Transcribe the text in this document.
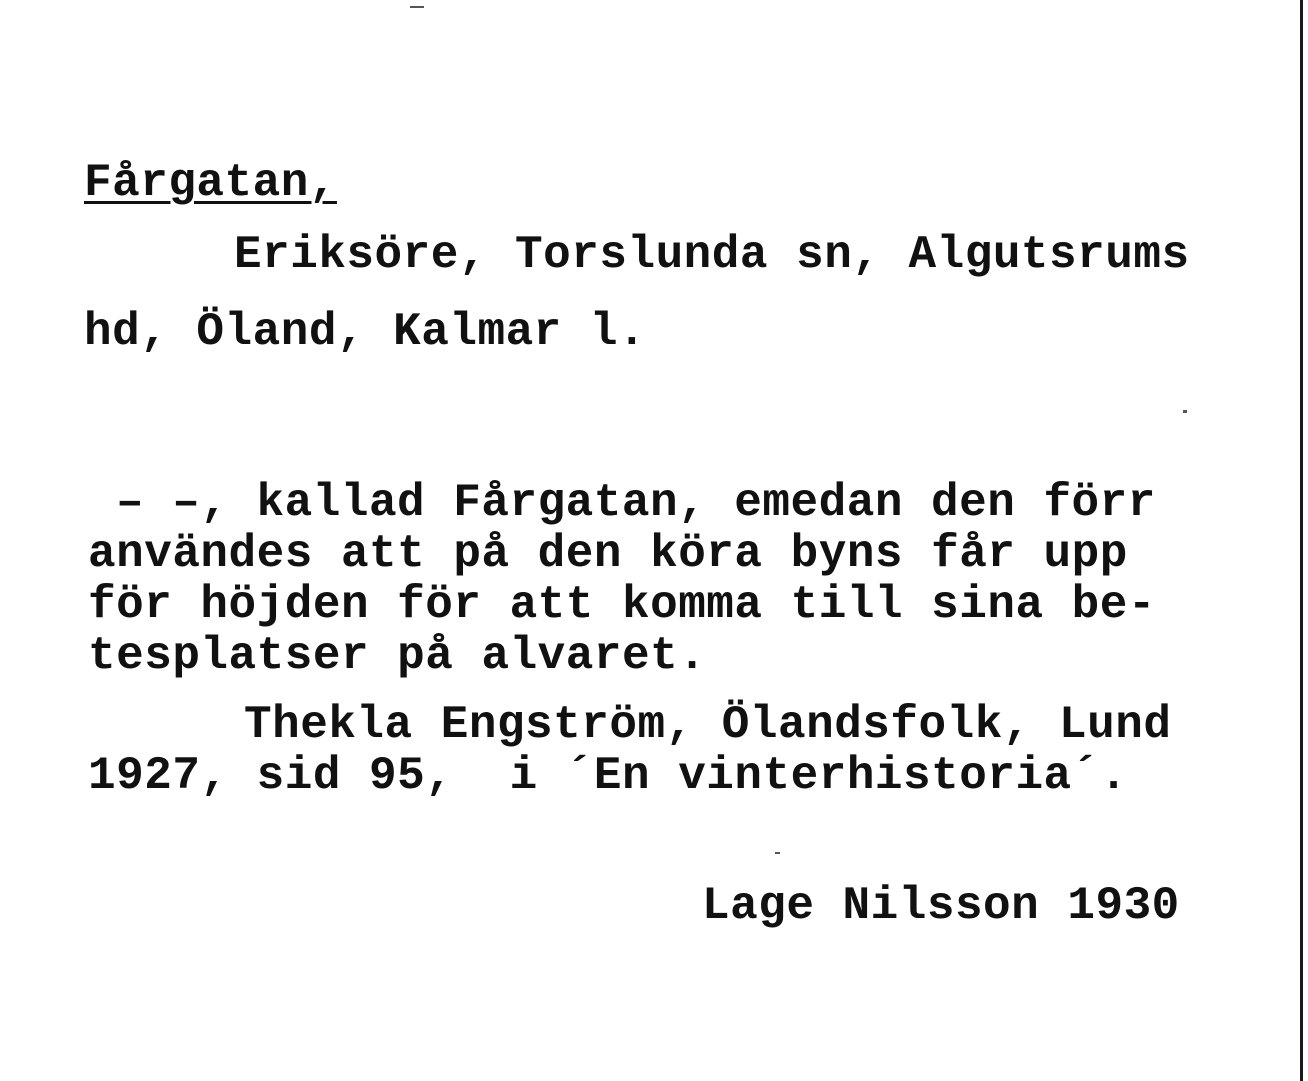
Fårgatan,
Eriksöre, Torslunda sn, Algutsrums
hd, Öland, Kalmar l.
– –, kallad Fårgatan, emedan den förr
användes att på den köra byns får upp
för höjden för att komma till sina be-
tesplatser på alvaret.
Thekla Engström, Ölandsfolk, Lund
1927, sid 95,  i ´En vinterhistoria´.
Lage Nilsson 1930
